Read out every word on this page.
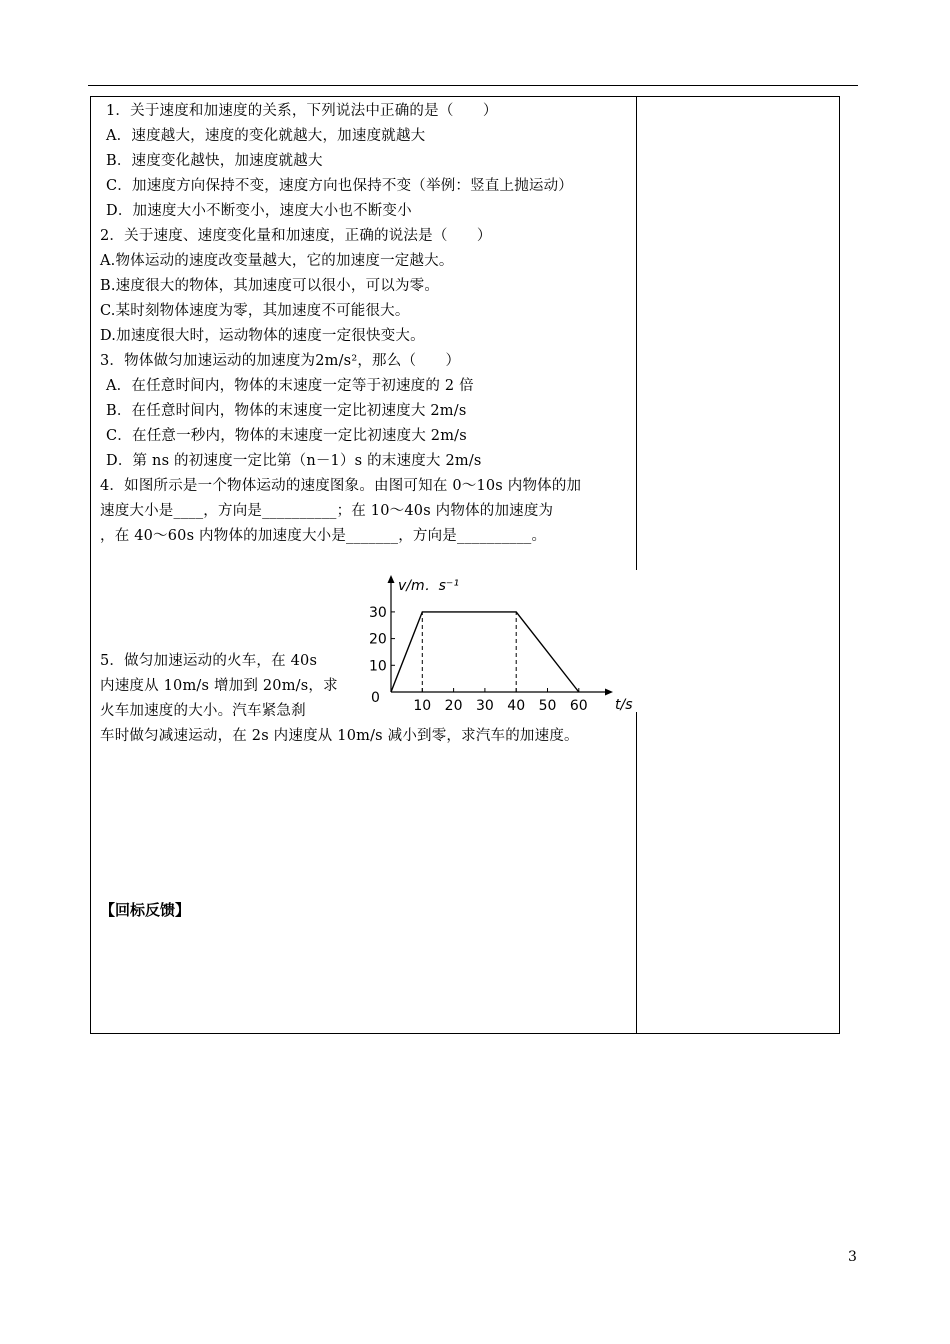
1．关于速度和加速度的关系，下列说法中正确的是（　　）
A．速度越大，速度的变化就越大，加速度就越大
B．速度变化越快，加速度就越大
C．加速度方向保持不变，速度方向也保持不变（举例：竖直上抛运动）
D．加速度大小不断变小，速度大小也不断变小
2．关于速度、速度变化量和加速度，正确的说法是（　　）
A.物体运动的速度改变量越大，它的加速度一定越大。
B.速度很大的物体，其加速度可以很小，可以为零。
C.某时刻物体速度为零，其加速度不可能很大。
D.加速度很大时，运动物体的速度一定很快变大。
3．物体做匀加速运动的加速度为2m/s²，那么（　　）
A．在任意时间内，物体的末速度一定等于初速度的 2 倍
B．在任意时间内，物体的末速度一定比初速度大 2m/s
C．在任意一秒内，物体的末速度一定比初速度大 2m/s
D．第 ns 的初速度一定比第（n－1）s 的末速度大 2m/s
4．如图所示是一个物体运动的速度图象。由图可知在 0～10s 内物体的加
速度大小是____，方向是__________；在 10～40s 内物体的加速度为
，在 40～60s 内物体的加速度大小是_______，方向是__________。
5．做匀加速运动的火车，在 40s
内速度从 10m/s 增加到 20m/s，求
火车加速度的大小。汽车紧急刹
车时做匀减速运动，在 2s 内速度从 10m/s 减小到零，求汽车的加速度。
10
20
30
0 10 20 30 40 50 60
v/m．s⁻¹
t/s
【回标反馈】
3
